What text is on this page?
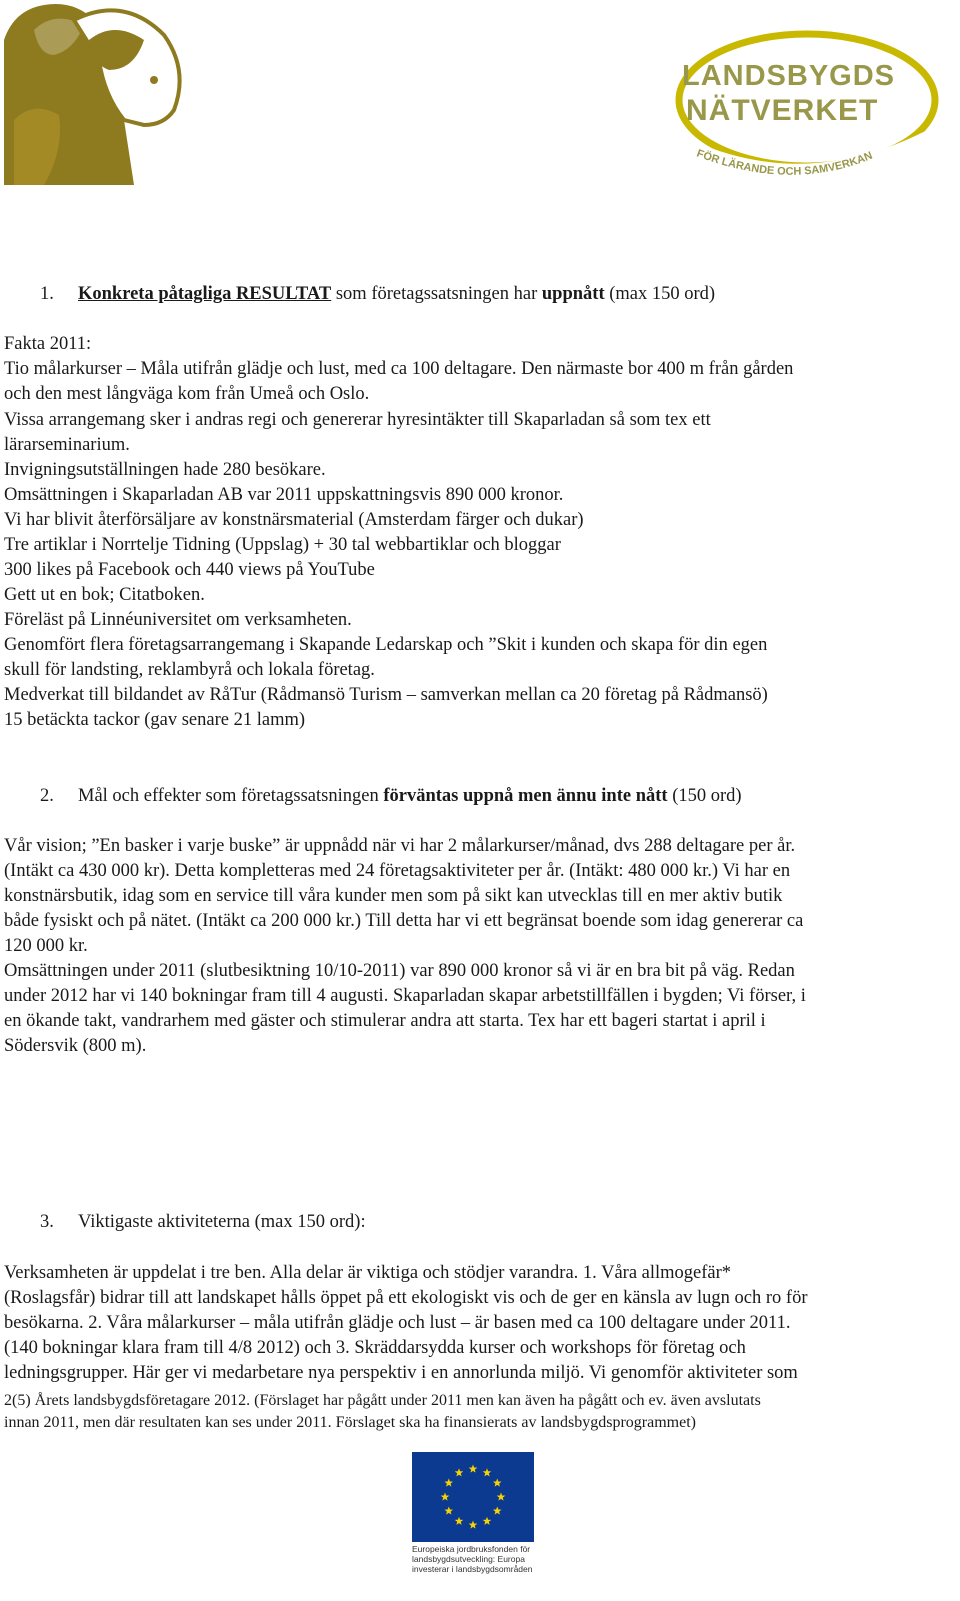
LANDSBYGDS
NÄTVERKET
FÖR LÄRANDE OCH SAMVERKAN
1. Konkreta påtagliga RESULTAT som företagssatsningen har uppnått (max 150 ord)
Fakta 2011:
Tio målarkurser – Måla utifrån glädje och lust, med ca 100 deltagare. Den närmaste bor 400 m från gården
och den mest långväga kom från Umeå och Oslo.
Vissa arrangemang sker i andras regi och genererar hyresintäkter till Skaparladan så som tex ett
lärarseminarium.
Invigningsutställningen hade 280 besökare.
Omsättningen i Skaparladan AB var 2011 uppskattningsvis 890 000 kronor.
Vi har blivit återförsäljare av konstnärsmaterial (Amsterdam färger och dukar)
Tre artiklar i Norrtelje Tidning (Uppslag) + 30 tal webbartiklar och bloggar
300 likes på Facebook och 440 views på YouTube
Gett ut en bok; Citatboken.
Föreläst på Linnéuniversitet om verksamheten.
Genomfört flera företagsarrangemang i Skapande Ledarskap och ”Skit i kunden och skapa för din egen
skull för landsting, reklambyrå och lokala företag.
Medverkat till bildandet av RåTur (Rådmansö Turism – samverkan mellan ca 20 företag på Rådmansö)
15 betäckta tackor (gav senare 21 lamm)
2. Mål och effekter som företagssatsningen förväntas uppnå men ännu inte nått (150 ord)
Vår vision; ”En basker i varje buske” är uppnådd när vi har 2 målarkurser/månad, dvs 288 deltagare per år.
(Intäkt ca 430 000 kr). Detta kompletteras med 24 företagsaktiviteter per år. (Intäkt: 480 000 kr.) Vi har en
konstnärsbutik, idag som en service till våra kunder men som på sikt kan utvecklas till en mer aktiv butik
både fysiskt och på nätet. (Intäkt ca 200 000 kr.) Till detta har vi ett begränsat boende som idag genererar ca
120 000 kr.
Omsättningen under 2011 (slutbesiktning 10/10-2011) var 890 000 kronor så vi är en bra bit på väg. Redan
under 2012 har vi 140 bokningar fram till 4 augusti. Skaparladan skapar arbetstillfällen i bygden; Vi förser, i
en ökande takt, vandrarhem med gäster och stimulerar andra att starta. Tex har ett bageri startat i april i
Södersvik (800 m).
3. Viktigaste aktiviteterna (max 150 ord):
Verksamheten är uppdelat i tre ben. Alla delar är viktiga och stödjer varandra. 1. Våra allmogefär*
(Roslagsfår) bidrar till att landskapet hålls öppet på ett ekologiskt vis och de ger en känsla av lugn och ro för
besökarna. 2. Våra målarkurser – måla utifrån glädje och lust – är basen med ca 100 deltagare under 2011.
(140 bokningar klara fram till 4/8 2012) och 3. Skräddarsydda kurser och workshops för företag och
ledningsgrupper. Här ger vi medarbetare nya perspektiv i en annorlunda miljö. Vi genomför aktiviteter som
2(5) Årets landsbygdsföretagare 2012. (Förslaget har pågått under 2011 men kan även ha pågått och ev. även avslutats
innan 2011, men där resultaten kan ses under 2011. Förslaget ska ha finansierats av landsbygdsprogrammet)
Europeiska jordbruksfonden för landsbygdsutveckling: Europa investerar i landsbygdsområden
